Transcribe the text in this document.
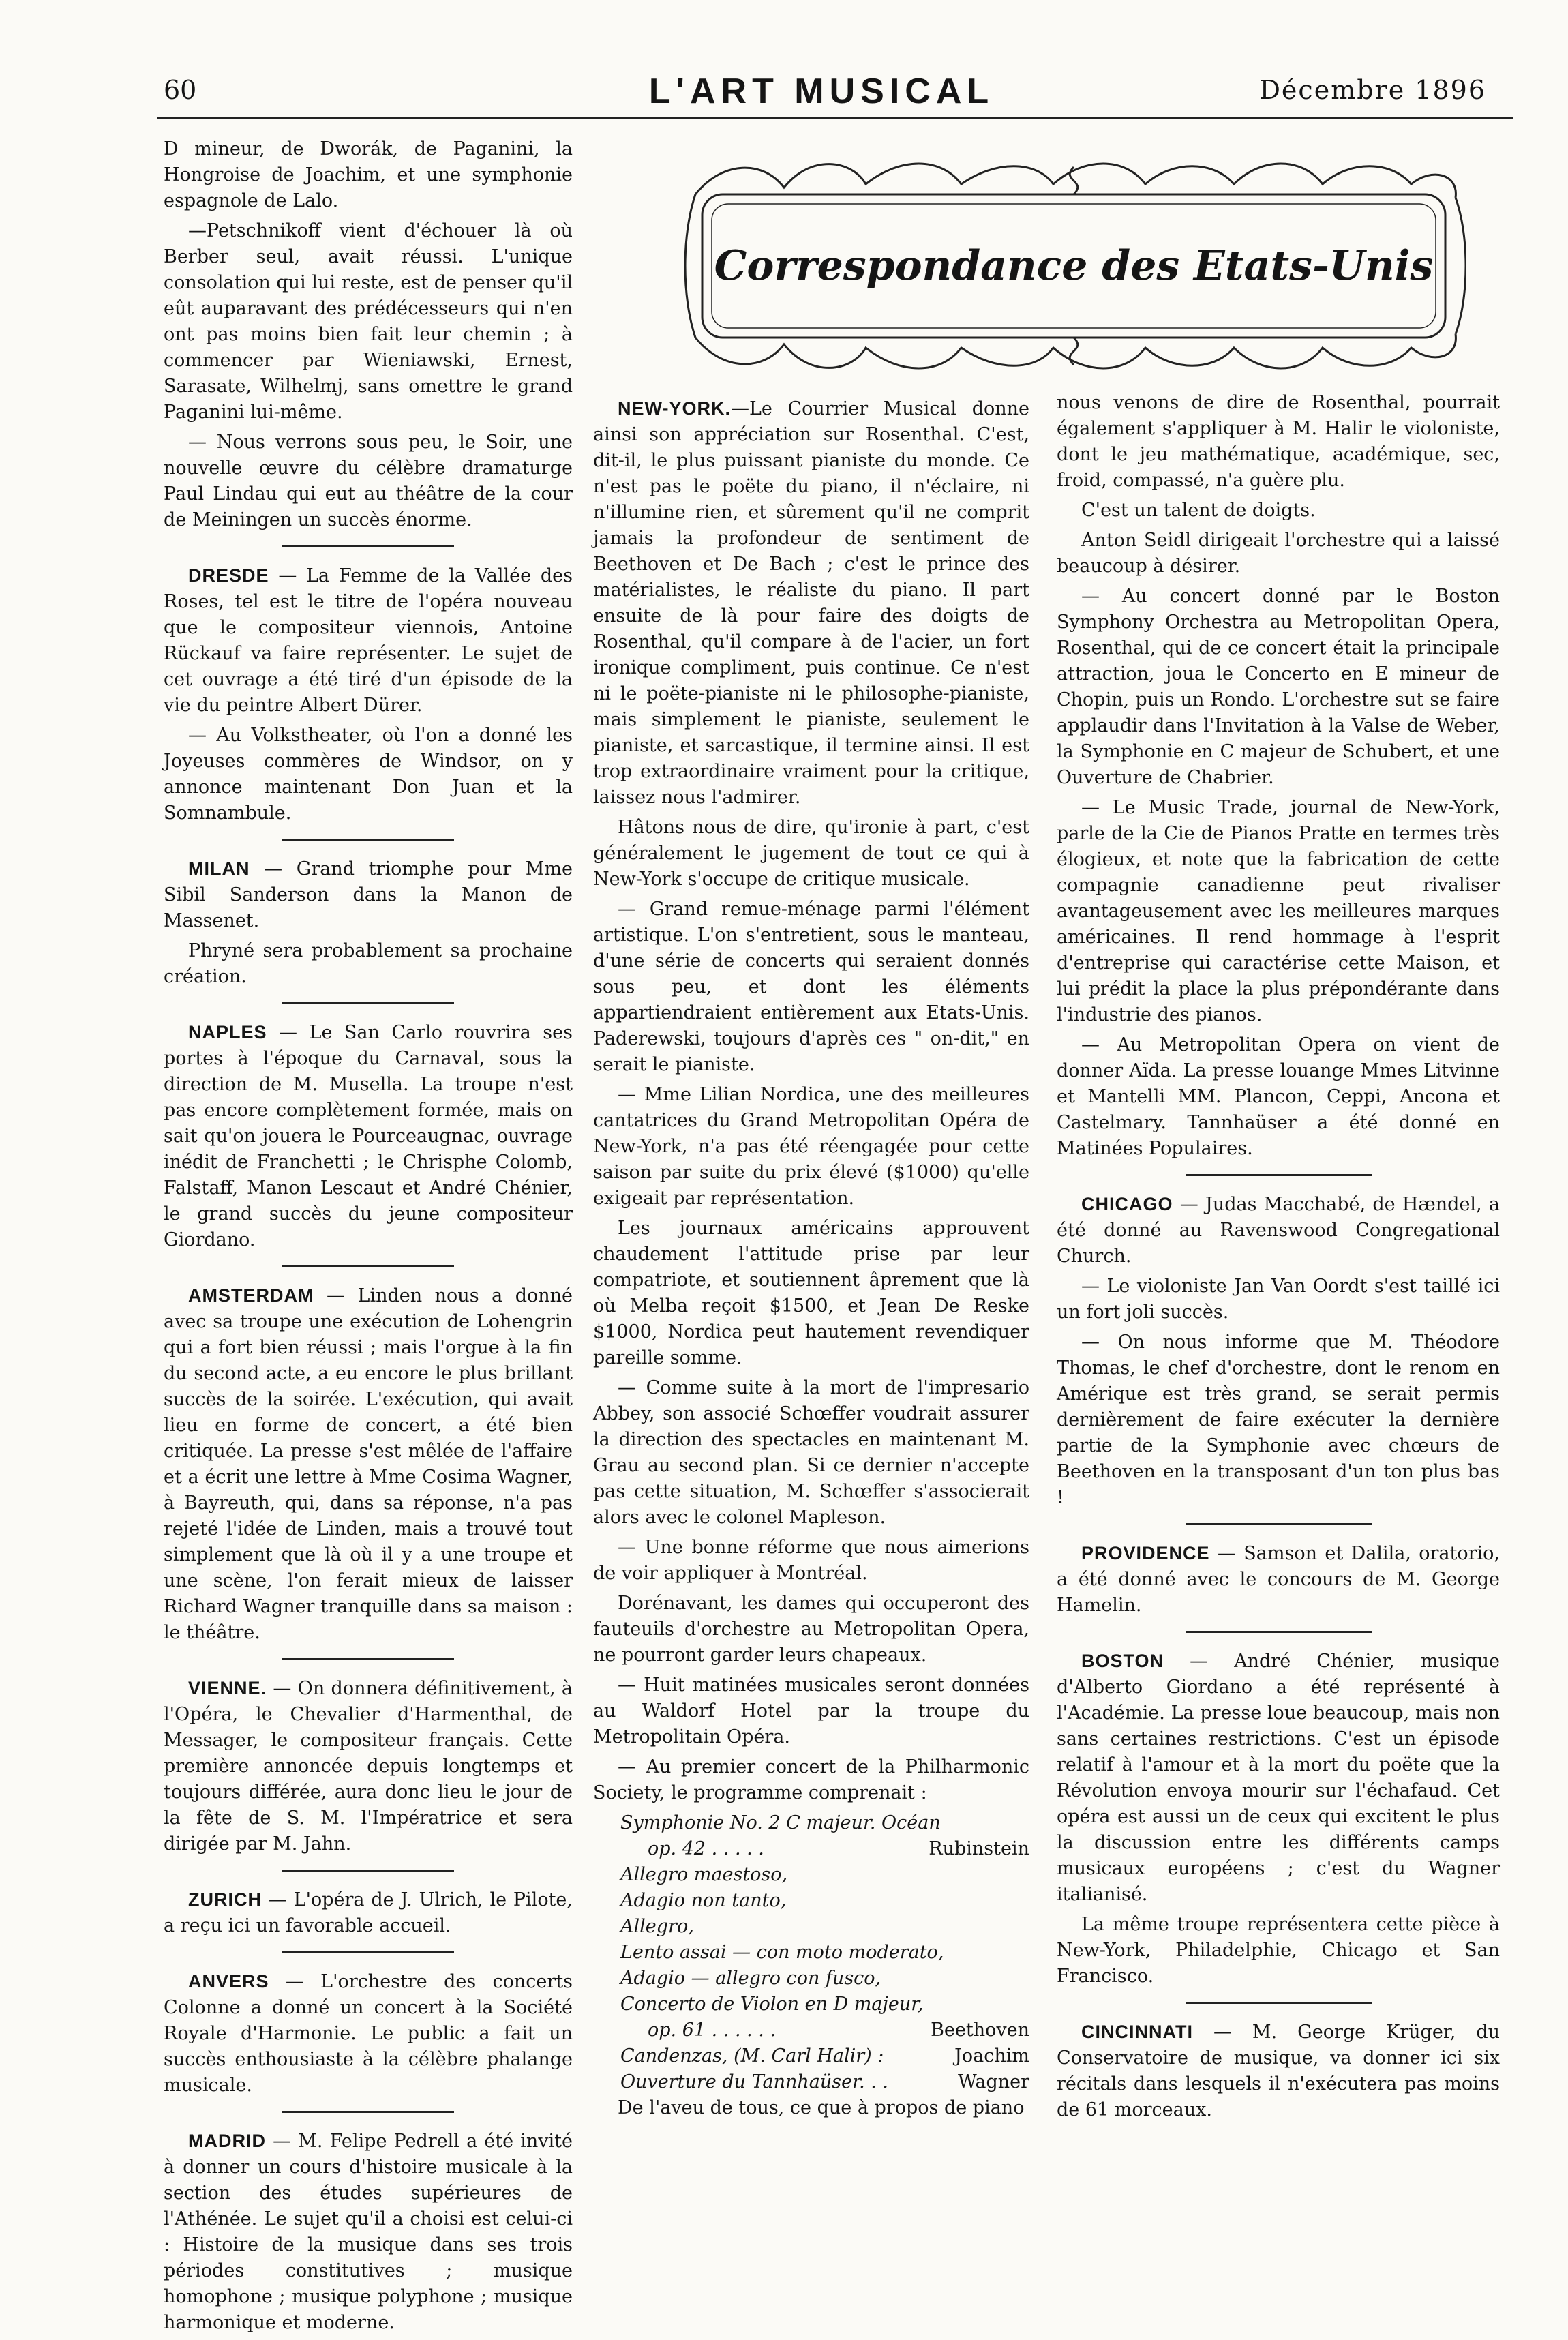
60	L'ART MUSICAL	Décembre 1896

D mineur, de Dworák, de Paganini, la Hongroise de Joachim, et une symphonie espagnole de Lalo.

—Petschnikoff vient d'échouer là où Berber seul, avait réussi. L'unique consolation qui lui reste, est de penser qu'il eût auparavant des prédécesseurs qui n'en ont pas moins bien fait leur chemin ; à commencer par Wieniawski, Ernest, Sarasate, Wilhelmj, sans omettre le grand Paganini lui-même.

— Nous verrons sous peu, le Soir, une nouvelle œuvre du célèbre dramaturge Paul Lindau qui eut au théâtre de la cour de Meiningen un succès énorme.

DRESDE — La Femme de la Vallée des Roses, tel est le titre de l'opéra nouveau que le compositeur viennois, Antoine Rückauf va faire représenter. Le sujet de cet ouvrage a été tiré d'un épisode de la vie du peintre Albert Dürer.

— Au Volkstheater, où l'on a donné les Joyeuses commères de Windsor, on y annonce maintenant Don Juan et la Somnambule.

MILAN — Grand triomphe pour Mme Sibil Sanderson dans la Manon de Massenet.

Phryné sera probablement sa prochaine création.

NAPLES — Le San Carlo rouvrira ses portes à l'époque du Carnaval, sous la direction de M. Musella. La troupe n'est pas encore complètement formée, mais on sait qu'on jouera le Pourceaugnac, ouvrage inédit de Franchetti ; le Chrisphe Colomb, Falstaff, Manon Lescaut et André Chénier, le grand succès du jeune compositeur Giordano.

AMSTERDAM — Linden nous a donné avec sa troupe une exécution de Lohengrin qui a fort bien réussi ; mais l'orgue à la fin du second acte, a eu encore le plus brillant succès de la soirée. L'exécution, qui avait lieu en forme de concert, a été bien critiquée. La presse s'est mêlée de l'affaire et a écrit une lettre à Mme Cosima Wagner, à Bayreuth, qui, dans sa réponse, n'a pas rejeté l'idée de Linden, mais a trouvé tout simplement que là où il y a une troupe et une scène, l'on ferait mieux de laisser Richard Wagner tranquille dans sa maison : le théâtre.

VIENNE. — On donnera définitivement, à l'Opéra, le Chevalier d'Harmenthal, de Messager, le compositeur français. Cette première annoncée depuis longtemps et toujours différée, aura donc lieu le jour de la fête de S. M. l'Impératrice et sera dirigée par M. Jahn.

ZURICH — L'opéra de J. Ulrich, le Pilote, a reçu ici un favorable accueil.

ANVERS — L'orchestre des concerts Colonne a donné un concert à la Société Royale d'Harmonie. Le public a fait un succès enthousiaste à la célèbre phalange musicale.

MADRID — M. Felipe Pedrell a été invité à donner un cours d'histoire musicale à la section des études supérieures de l'Athénée. Le sujet qu'il a choisi est celui-ci : Histoire de la musique dans ses trois périodes constitutives ; musique homophone ; musique polyphone ; musique harmonique et moderne.

Correspondance des Etats-Unis

NEW-YORK.—Le Courrier Musical donne ainsi son appréciation sur Rosenthal. C'est, dit-il, le plus puissant pianiste du monde. Ce n'est pas le poëte du piano, il n'éclaire, ni n'illumine rien, et sûrement qu'il ne comprit jamais la profondeur de sentiment de Beethoven et De Bach ; c'est le prince des matérialistes, le réaliste du piano. Il part ensuite de là pour faire des doigts de Rosenthal, qu'il compare à de l'acier, un fort ironique compliment, puis continue. Ce n'est ni le poëte-pianiste ni le philosophe-pianiste, mais simplement le pianiste, seulement le pianiste, et sarcastique, il termine ainsi. Il est trop extraordinaire vraiment pour la critique, laissez nous l'admirer.

Hâtons nous de dire, qu'ironie à part, c'est généralement le jugement de tout ce qui à New-York s'occupe de critique musicale.

— Grand remue-ménage parmi l'élément artistique. L'on s'entretient, sous le manteau, d'une série de concerts qui seraient donnés sous peu, et dont les éléments appartiendraient entièrement aux Etats-Unis. Paderewski, toujours d'après ces " on-dit," en serait le pianiste.

— Mme Lilian Nordica, une des meilleures cantatrices du Grand Metropolitan Opéra de New-York, n'a pas été réengagée pour cette saison par suite du prix élevé ($1000) qu'elle exigeait par représentation.

Les journaux américains approuvent chaudement l'attitude prise par leur compatriote, et soutiennent âprement que là où Melba reçoit $1500, et Jean De Reske $1000, Nordica peut hautement revendiquer pareille somme.

— Comme suite à la mort de l'impresario Abbey, son associé Schœffer voudrait assurer la direction des spectacles en maintenant M. Grau au second plan. Si ce dernier n'accepte pas cette situation, M. Schœffer s'associerait alors avec le colonel Mapleson.

— Une bonne réforme que nous aimerions de voir appliquer à Montréal.

Dorénavant, les dames qui occuperont des fauteuils d'orchestre au Metropolitan Opera, ne pourront garder leurs chapeaux.

— Huit matinées musicales seront données au Waldorf Hotel par la troupe du Metropolitain Opéra.

— Au premier concert de la Philharmonic Society, le programme comprenait :

Symphonie No. 2 C majeur. Océan
op. 42 . . . . .	Rubinstein
Allegro maestoso,
Adagio non tanto,
Allegro,
Lento assai — con moto moderato,
Adagio — allegro con fusco,
Concerto de Violon en D majeur,
op. 61 . . . . . .	Beethoven
Candenzas, (M. Carl Halir) :	Joachim
Ouverture du Tannhaüser. . .	Wagner

De l'aveu de tous, ce que à propos de piano

nous venons de dire de Rosenthal, pourrait également s'appliquer à M. Halir le violoniste, dont le jeu mathématique, académique, sec, froid, compassé, n'a guère plu.

C'est un talent de doigts.

Anton Seidl dirigeait l'orchestre qui a laissé beaucoup à désirer.

— Au concert donné par le Boston Symphony Orchestra au Metropolitan Opera, Rosenthal, qui de ce concert était la principale attraction, joua le Concerto en E mineur de Chopin, puis un Rondo. L'orchestre sut se faire applaudir dans l'Invitation à la Valse de Weber, la Symphonie en C majeur de Schubert, et une Ouverture de Chabrier.

— Le Music Trade, journal de New-York, parle de la Cie de Pianos Pratte en termes très élogieux, et note que la fabrication de cette compagnie canadienne peut rivaliser avantageusement avec les meilleures marques américaines. Il rend hommage à l'esprit d'entreprise qui caractérise cette Maison, et lui prédit la place la plus prépondérante dans l'industrie des pianos.

— Au Metropolitan Opera on vient de donner Aïda. La presse louange Mmes Litvinne et Mantelli MM. Plancon, Ceppi, Ancona et Castelmary. Tannhaüser a été donné en Matinées Populaires.

CHICAGO — Judas Macchabé, de Hændel, a été donné au Ravenswood Congregational Church.

— Le violoniste Jan Van Oordt s'est taillé ici un fort joli succès.

— On nous informe que M. Théodore Thomas, le chef d'orchestre, dont le renom en Amérique est très grand, se serait permis dernièrement de faire exécuter la dernière partie de la Symphonie avec chœurs de Beethoven en la transposant d'un ton plus bas !

PROVIDENCE — Samson et Dalila, oratorio, a été donné avec le concours de M. George Hamelin.

BOSTON — André Chénier, musique d'Alberto Giordano a été représenté à l'Académie. La presse loue beaucoup, mais non sans certaines restrictions. C'est un épisode relatif à l'amour et à la mort du poëte que la Révolution envoya mourir sur l'échafaud. Cet opéra est aussi un de ceux qui excitent le plus la discussion entre les différents camps musicaux européens ; c'est du Wagner italianisé.

La même troupe représentera cette pièce à New-York, Philadelphie, Chicago et San Francisco.

CINCINNATI — M. George Krüger, du Conservatoire de musique, va donner ici six récitals dans lesquels il n'exécutera pas moins de 61 morceaux.
